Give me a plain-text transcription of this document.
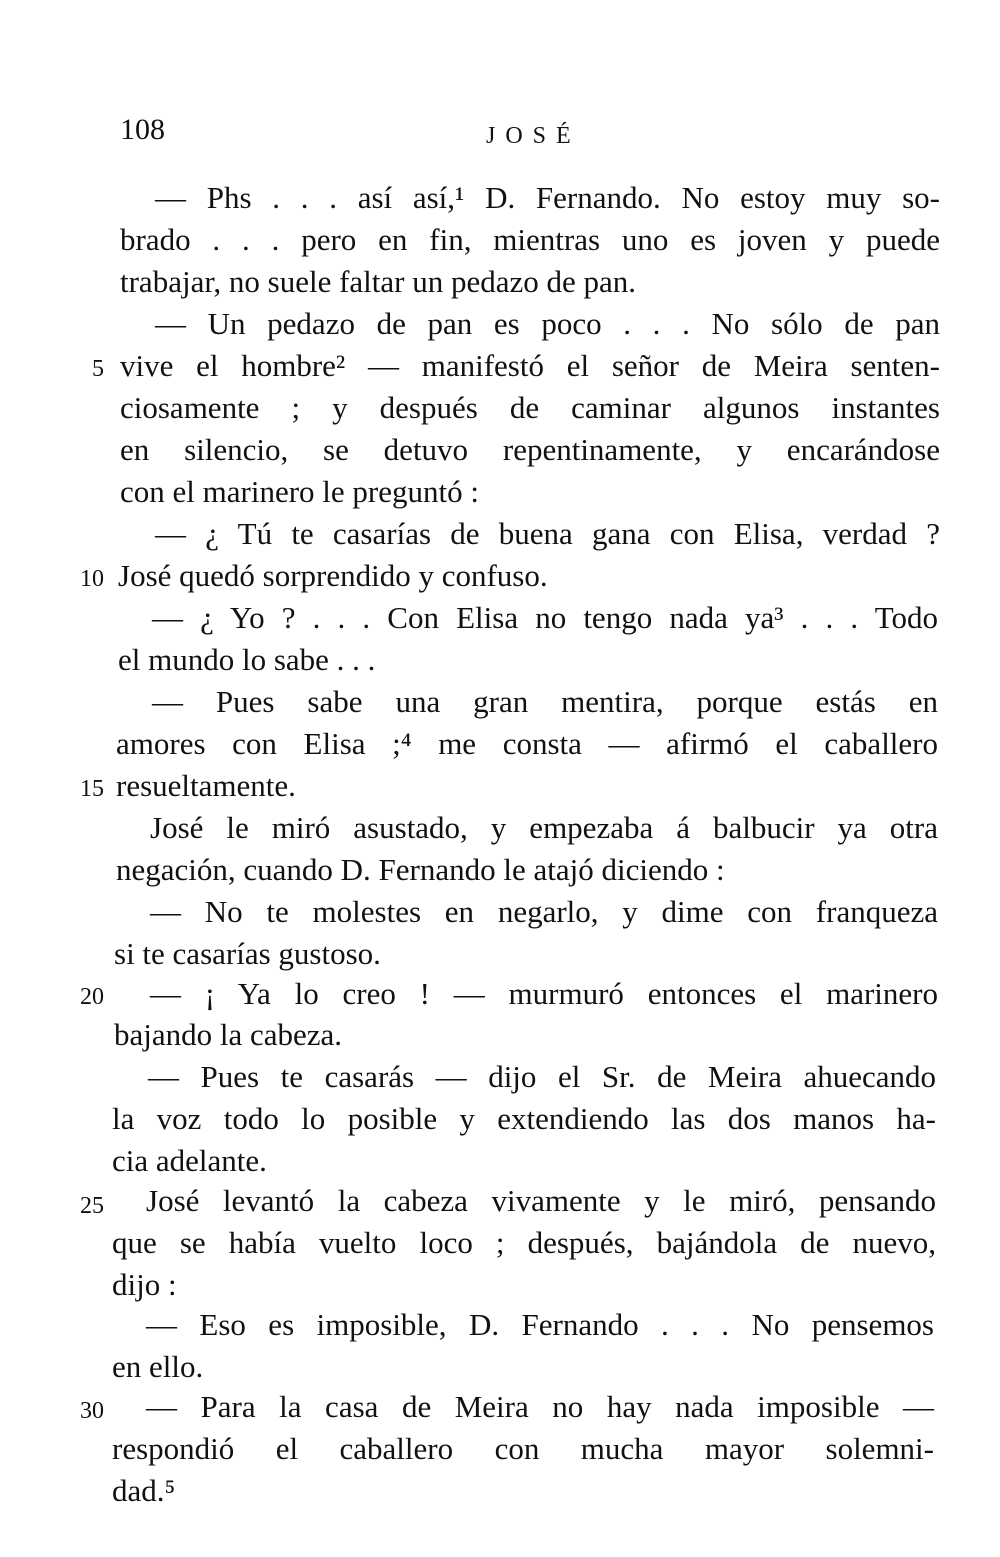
108	JOSÉ
— Phs . . . así así,¹ D. Fernando. No estoy muy so-
brado . . . pero en fin, mientras uno es joven y puede
trabajar, no suele faltar un pedazo de pan.
— Un pedazo de pan es poco . . . No sólo de pan
vive el hombre² — manifestó el señor de Meira senten-
ciosamente ; y después de caminar algunos instantes
en silencio, se detuvo repentinamente, y encarándose
con el marinero le preguntó :
— ¿ Tú te casarías de buena gana con Elisa, verdad ?
José quedó sorprendido y confuso.
— ¿ Yo ? . . . Con Elisa no tengo nada ya³ . . . Todo
el mundo lo sabe . . .
— Pues sabe una gran mentira, porque estás en
amores con Elisa ;⁴ me consta — afirmó el caballero
resueltamente.
José le miró asustado, y empezaba á balbucir ya otra
negación, cuando D. Fernando le atajó diciendo :
— No te molestes en negarlo, y dime con franqueza
si te casarías gustoso.
— ¡ Ya lo creo ! — murmuró entonces el marinero
bajando la cabeza.
— Pues te casarás — dijo el Sr. de Meira ahuecando
la voz todo lo posible y extendiendo las dos manos ha-
cia adelante.
José levantó la cabeza vivamente y le miró, pensando
que se había vuelto loco ; después, bajándola de nuevo,
dijo :
— Eso es imposible, D. Fernando . . . No pensemos
en ello.
— Para la casa de Meira no hay nada imposible —
respondió el caballero con mucha mayor solemni-
dad.⁵
5
10
15
20
25
30
